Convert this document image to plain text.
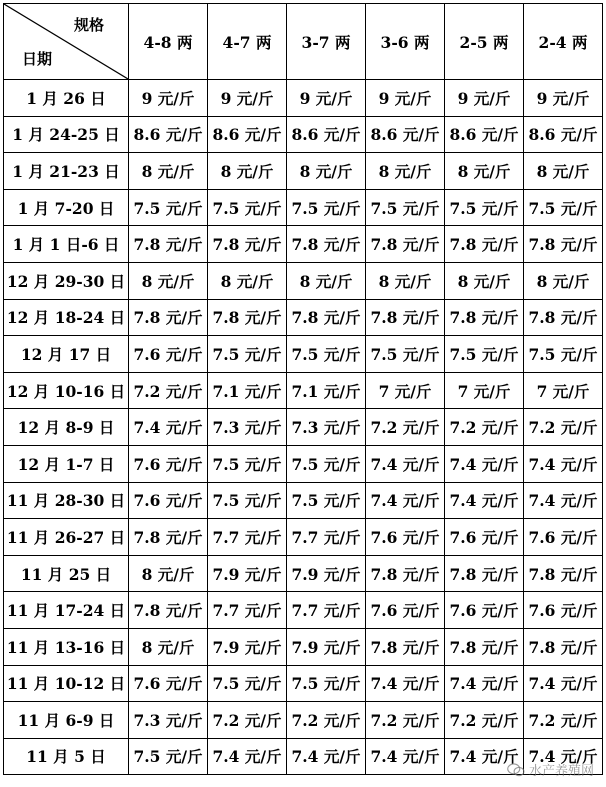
规格
日期	4-8 两	4-7 两	3-7 两	3-6 两	2-5 两	2-4 两
1 月 26 日	9 元/斤	9 元/斤	9 元/斤	9 元/斤	9 元/斤	9 元/斤
1 月 24-25 日	8.6 元/斤	8.6 元/斤	8.6 元/斤	8.6 元/斤	8.6 元/斤	8.6 元/斤
1 月 21-23 日	8 元/斤	8 元/斤	8 元/斤	8 元/斤	8 元/斤	8 元/斤
1 月 7-20 日	7.5 元/斤	7.5 元/斤	7.5 元/斤	7.5 元/斤	7.5 元/斤	7.5 元/斤
1 月 1 日-6 日	7.8 元/斤	7.8 元/斤	7.8 元/斤	7.8 元/斤	7.8 元/斤	7.8 元/斤
12 月 29-30 日	8 元/斤	8 元/斤	8 元/斤	8 元/斤	8 元/斤	8 元/斤
12 月 18-24 日	7.8 元/斤	7.8 元/斤	7.8 元/斤	7.8 元/斤	7.8 元/斤	7.8 元/斤
12 月 17 日	7.6 元/斤	7.5 元/斤	7.5 元/斤	7.5 元/斤	7.5 元/斤	7.5 元/斤
12 月 10-16 日	7.2 元/斤	7.1 元/斤	7.1 元/斤	7 元/斤	7 元/斤	7 元/斤
12 月 8-9 日	7.4 元/斤	7.3 元/斤	7.3 元/斤	7.2 元/斤	7.2 元/斤	7.2 元/斤
12 月 1-7 日	7.6 元/斤	7.5 元/斤	7.5 元/斤	7.4 元/斤	7.4 元/斤	7.4 元/斤
11 月 28-30 日	7.6 元/斤	7.5 元/斤	7.5 元/斤	7.4 元/斤	7.4 元/斤	7.4 元/斤
11 月 26-27 日	7.8 元/斤	7.7 元/斤	7.7 元/斤	7.6 元/斤	7.6 元/斤	7.6 元/斤
11 月 25 日	8 元/斤	7.9 元/斤	7.9 元/斤	7.8 元/斤	7.8 元/斤	7.8 元/斤
11 月 17-24 日	7.8 元/斤	7.7 元/斤	7.7 元/斤	7.6 元/斤	7.6 元/斤	7.6 元/斤
11 月 13-16 日	8 元/斤	7.9 元/斤	7.9 元/斤	7.8 元/斤	7.8 元/斤	7.8 元/斤
11 月 10-12 日	7.6 元/斤	7.5 元/斤	7.5 元/斤	7.4 元/斤	7.4 元/斤	7.4 元/斤
11 月 6-9 日	7.3 元/斤	7.2 元/斤	7.2 元/斤	7.2 元/斤	7.2 元/斤	7.2 元/斤
11 月 5 日	7.5 元/斤	7.4 元/斤	7.4 元/斤	7.4 元/斤	7.4 元/斤	7.4 元/斤
水产养殖网
